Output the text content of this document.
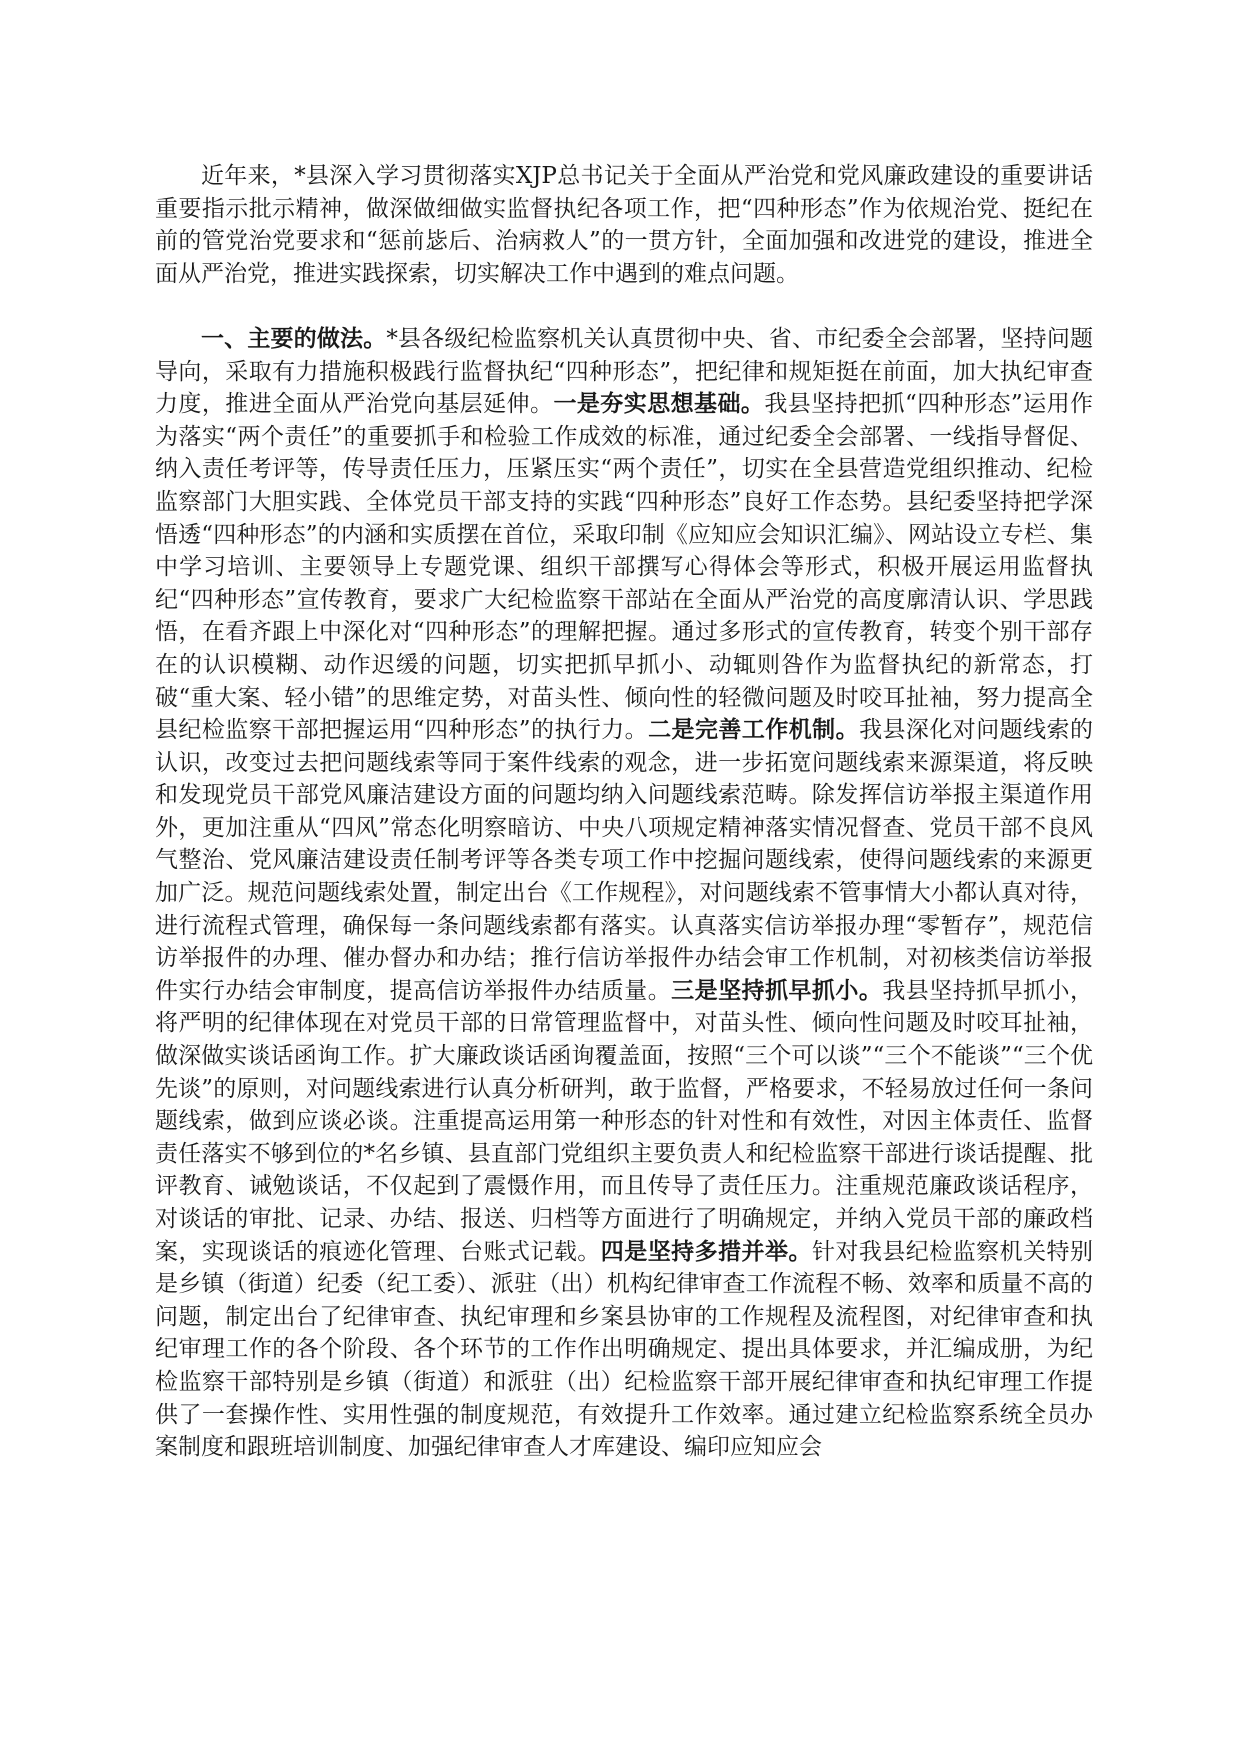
近年来，*县深入学习贯彻落实XJP总书记关于全面从严治党和党风廉政建设的重要讲话重要指示批示精神，做深做细做实监督执纪各项工作，把“四种形态”作为依规治党、挺纪在前的管党治党要求和“惩前毖后、治病救人”的一贯方针，全面加强和改进党的建设，推进全面从严治党，推进实践探索，切实解决工作中遇到的难点问题。

一、主要的做法。*县各级纪检监察机关认真贯彻中央、省、市纪委全会部署，坚持问题导向，采取有力措施积极践行监督执纪“四种形态”，把纪律和规矩挺在前面，加大执纪审查力度，推进全面从严治党向基层延伸。一是夯实思想基础。我县坚持把抓“四种形态”运用作为落实“两个责任”的重要抓手和检验工作成效的标准，通过纪委全会部署、一线指导督促、纳入责任考评等，传导责任压力，压紧压实“两个责任”，切实在全县营造党组织推动、纪检监察部门大胆实践、全体党员干部支持的实践“四种形态”良好工作态势。县纪委坚持把学深悟透“四种形态”的内涵和实质摆在首位，采取印制《应知应会知识汇编》、网站设立专栏、集中学习培训、主要领导上专题党课、组织干部撰写心得体会等形式，积极开展运用监督执纪“四种形态”宣传教育，要求广大纪检监察干部站在全面从严治党的高度廓清认识、学思践悟，在看齐跟上中深化对“四种形态”的理解把握。通过多形式的宣传教育，转变个别干部存在的认识模糊、动作迟缓的问题，切实把抓早抓小、动辄则咎作为监督执纪的新常态，打破“重大案、轻小错”的思维定势，对苗头性、倾向性的轻微问题及时咬耳扯袖，努力提高全县纪检监察干部把握运用“四种形态”的执行力。二是完善工作机制。我县深化对问题线索的认识，改变过去把问题线索等同于案件线索的观念，进一步拓宽问题线索来源渠道，将反映和发现党员干部党风廉洁建设方面的问题均纳入问题线索范畴。除发挥信访举报主渠道作用外，更加注重从“四风”常态化明察暗访、中央八项规定精神落实情况督查、党员干部不良风气整治、党风廉洁建设责任制考评等各类专项工作中挖掘问题线索，使得问题线索的来源更加广泛。规范问题线索处置，制定出台《工作规程》，对问题线索不管事情大小都认真对待，进行流程式管理，确保每一条问题线索都有落实。认真落实信访举报办理“零暂存”，规范信访举报件的办理、催办督办和办结；推行信访举报件办结会审工作机制，对初核类信访举报件实行办结会审制度，提高信访举报件办结质量。三是坚持抓早抓小。我县坚持抓早抓小，将严明的纪律体现在对党员干部的日常管理监督中，对苗头性、倾向性问题及时咬耳扯袖，做深做实谈话函询工作。扩大廉政谈话函询覆盖面，按照“三个可以谈”“三个不能谈”“三个优先谈”的原则，对问题线索进行认真分析研判，敢于监督，严格要求，不轻易放过任何一条问题线索，做到应谈必谈。注重提高运用第一种形态的针对性和有效性，对因主体责任、监督责任落实不够到位的*名乡镇、县直部门党组织主要负责人和纪检监察干部进行谈话提醒、批评教育、诫勉谈话，不仅起到了震慑作用，而且传导了责任压力。注重规范廉政谈话程序，对谈话的审批、记录、办结、报送、归档等方面进行了明确规定，并纳入党员干部的廉政档案，实现谈话的痕迹化管理、台账式记载。四是坚持多措并举。针对我县纪检监察机关特别是乡镇（街道）纪委（纪工委）、派驻（出）机构纪律审查工作流程不畅、效率和质量不高的问题，制定出台了纪律审查、执纪审理和乡案县协审的工作规程及流程图，对纪律审查和执纪审理工作的各个阶段、各个环节的工作作出明确规定、提出具体要求，并汇编成册，为纪检监察干部特别是乡镇（街道）和派驻（出）纪检监察干部开展纪律审查和执纪审理工作提供了一套操作性、实用性强的制度规范，有效提升工作效率。通过建立纪检监察系统全员办案制度和跟班培训制度、加强纪律审查人才库建设、编印应知应会
